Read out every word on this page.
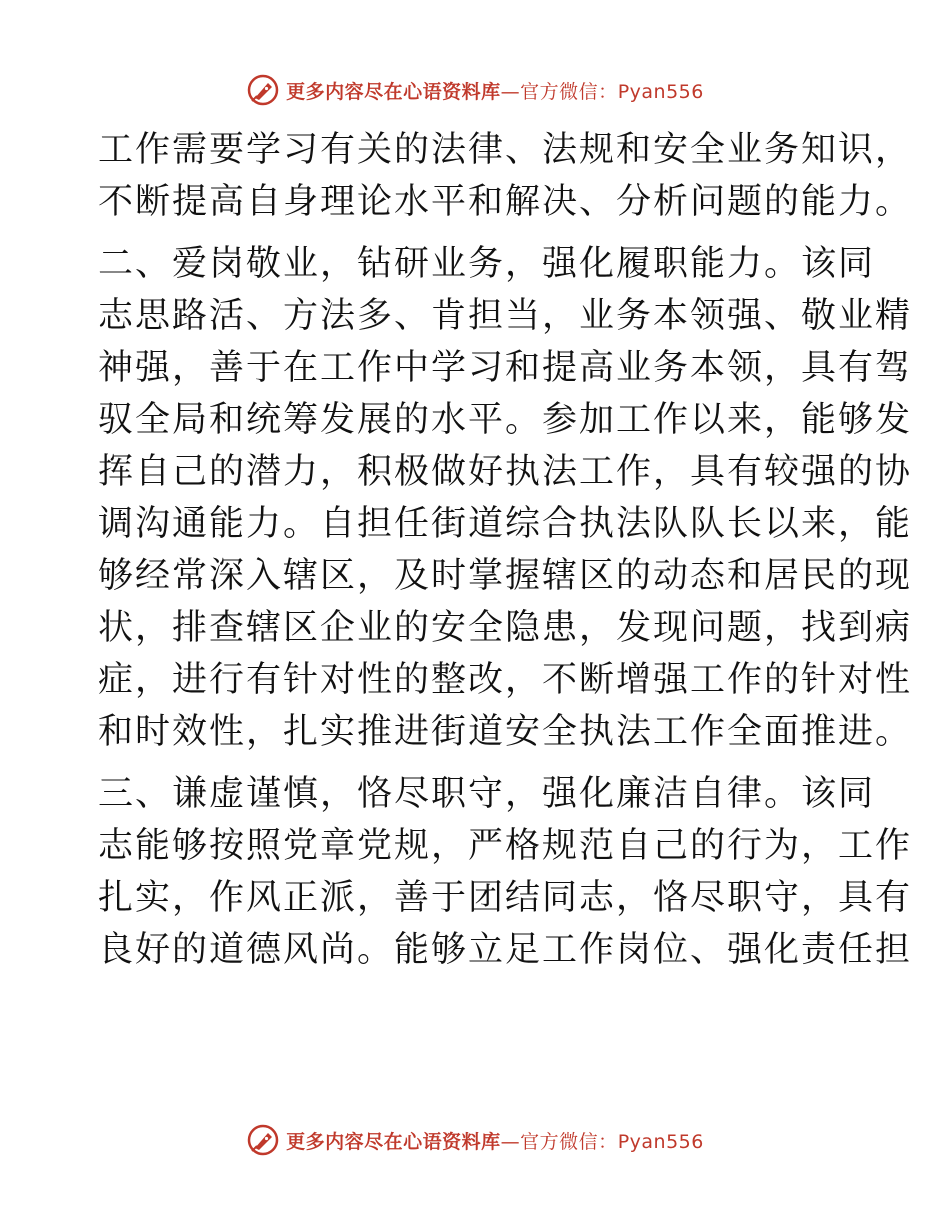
更多内容尽在心语资料库—官方微信：Pyan556
工作需要学习有关的法律、法规和安全业务知识，
不断提高自身理论水平和解决、分析问题的能力。
二、爱岗敬业，钻研业务，强化履职能力。该同
志思路活、方法多、肯担当，业务本领强、敬业精
神强，善于在工作中学习和提高业务本领，具有驾
驭全局和统筹发展的水平。参加工作以来，能够发
挥自己的潜力，积极做好执法工作，具有较强的协
调沟通能力。自担任街道综合执法队队长以来，能
够经常深入辖区，及时掌握辖区的动态和居民的现
状，排查辖区企业的安全隐患，发现问题，找到病
症，进行有针对性的整改，不断增强工作的针对性
和时效性，扎实推进街道安全执法工作全面推进。
三、谦虚谨慎，恪尽职守，强化廉洁自律。该同
志能够按照党章党规，严格规范自己的行为，工作
扎实，作风正派，善于团结同志，恪尽职守，具有
良好的道德风尚。能够立足工作岗位、强化责任担
更多内容尽在心语资料库—官方微信：Pyan556
